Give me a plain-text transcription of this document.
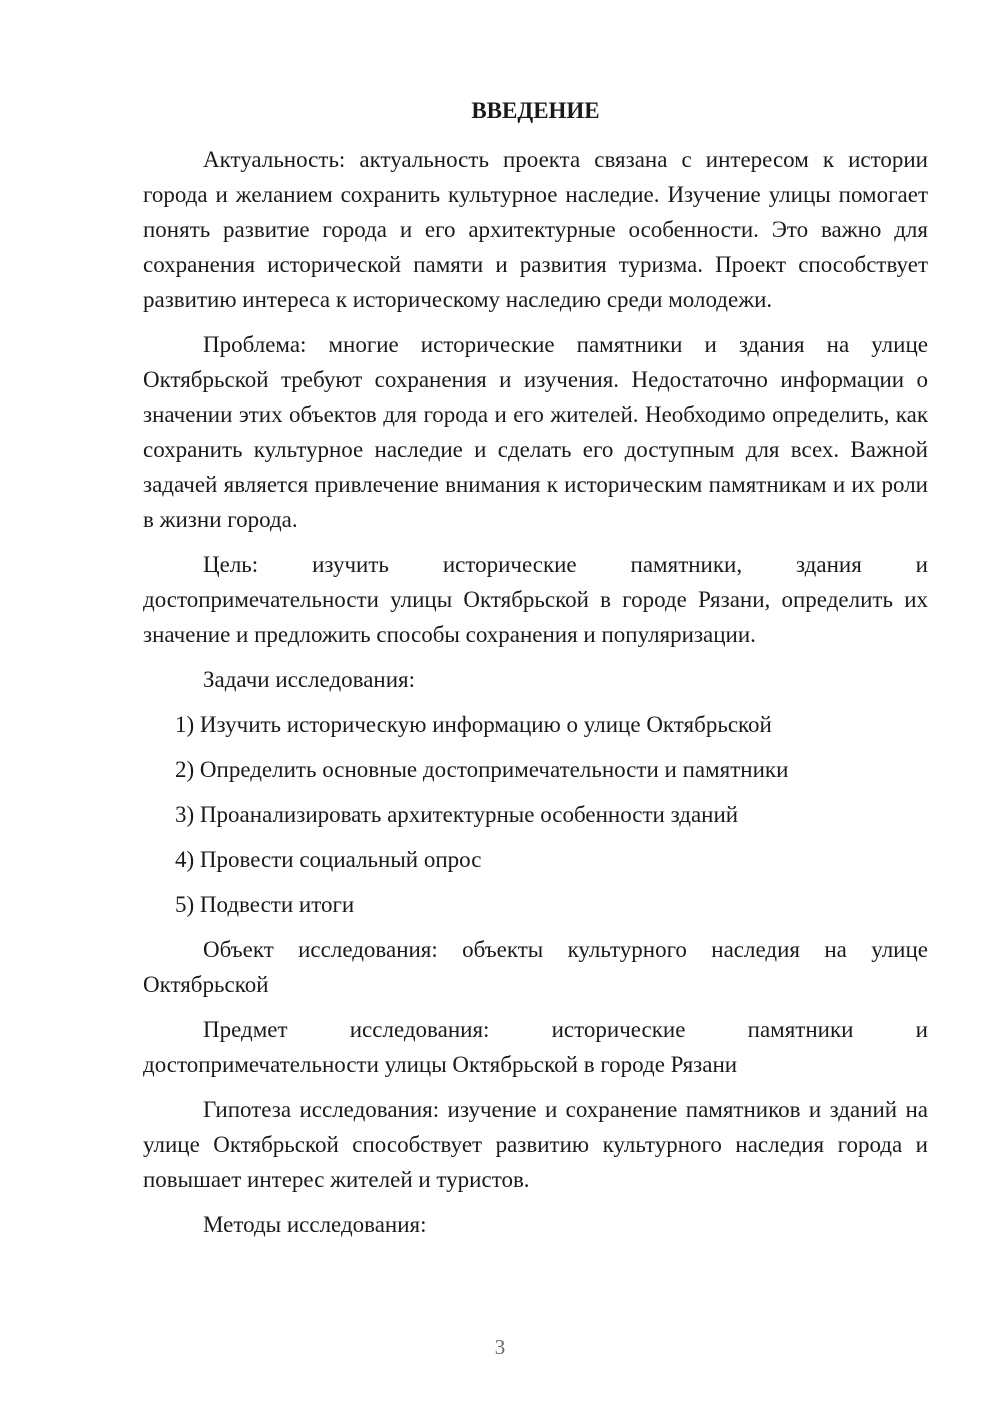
ВВЕДЕНИЕ

Актуальность: актуальность проекта связана с интересом к истории города и желанием сохранить культурное наследие. Изучение улицы помогает понять развитие города и его архитектурные особенности. Это важно для сохранения исторической памяти и развития туризма. Проект способствует развитию интереса к историческому наследию среди молодежи.

Проблема: многие исторические памятники и здания на улице Октябрьской требуют сохранения и изучения. Недостаточно информации о значении этих объектов для города и его жителей. Необходимо определить, как сохранить культурное наследие и сделать его доступным для всех. Важной задачей является привлечение внимания к историческим памятникам и их роли в жизни города.

Цель: изучить исторические памятники, здания и достопримечательности улицы Октябрьской в городе Рязани, определить их значение и предложить способы сохранения и популяризации.

Задачи исследования:

1) Изучить историческую информацию о улице Октябрьской

2) Определить основные достопримечательности и памятники

3) Проанализировать архитектурные особенности зданий

4) Провести социальный опрос

5) Подвести итоги

Объект исследования: объекты культурного наследия на улице Октябрьской

Предмет исследования: исторические памятники и достопримечательности улицы Октябрьской в городе Рязани

Гипотеза исследования: изучение и сохранение памятников и зданий на улице Октябрьской способствует развитию культурного наследия города и повышает интерес жителей и туристов.

Методы исследования:

3
